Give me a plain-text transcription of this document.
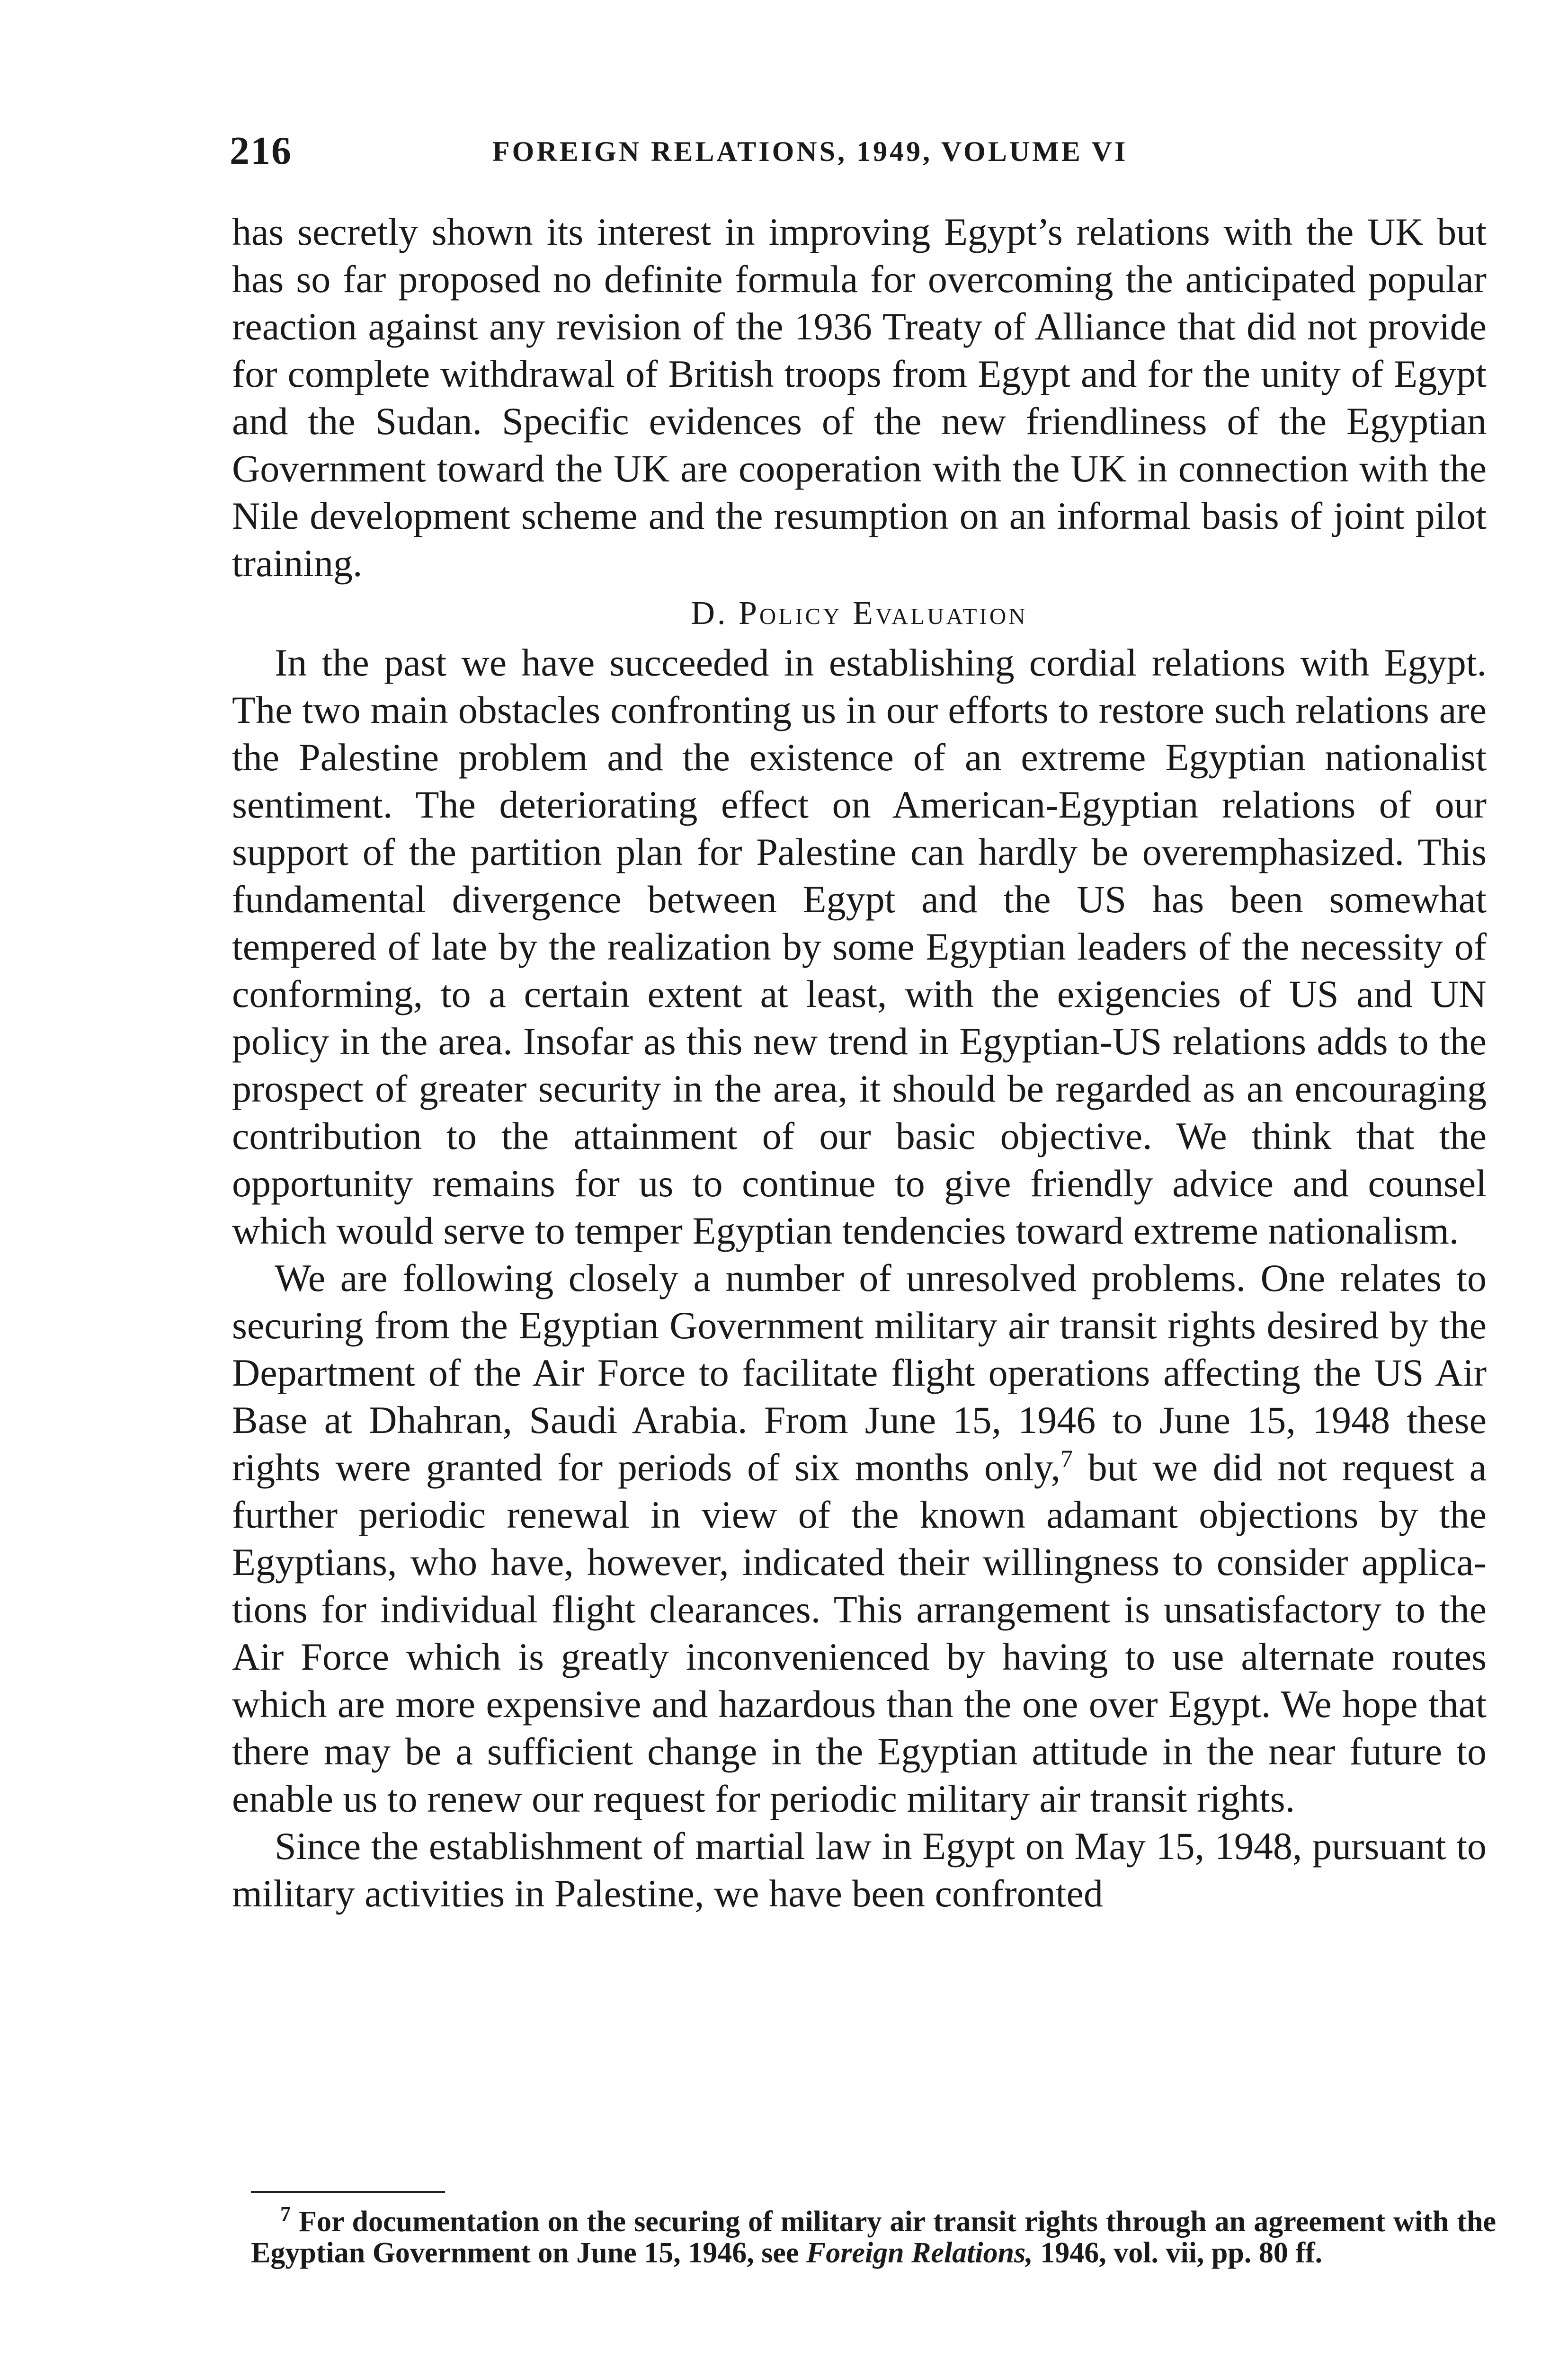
216	FOREIGN RELATIONS, 1949, VOLUME VI

has secretly shown its interest in improving Egypt’s relations with the UK but has so far proposed no definite formula for overcoming the anticipated popular reaction against any revision of the 1936 Treaty of Alliance that did not provide for complete withdrawal of British troops from Egypt and for the unity of Egypt and the Sudan. Specific evidences of the new friendliness of the Egyptian Government toward the UK are cooperation with the UK in connection with the Nile development scheme and the resumption on an informal basis of joint pilot training.

D. Policy Evaluation

In the past we have succeeded in establishing cordial relations with Egypt. The two main obstacles confronting us in our efforts to restore such relations are the Palestine problem and the existence of an extreme Egyptian nationalist sentiment. The deteriorating effect on American-Egyptian relations of our support of the partition plan for Palestine can hardly be overemphasized. This fundamental divergence between Egypt and the US has been somewhat tempered of late by the realization by some Egyptian leaders of the necessity of conforming, to a certain extent at least, with the exigencies of US and UN policy in the area. Insofar as this new trend in Egyptian-US relations adds to the prospect of greater security in the area, it should be regarded as an encouraging contribution to the attainment of our basic objective. We think that the opportunity remains for us to continue to give friendly advice and counsel which would serve to temper Egyptian tendencies toward extreme nationalism.

We are following closely a number of unresolved problems. One relates to securing from the Egyptian Government military air transit rights desired by the Department of the Air Force to facilitate flight operations affecting the US Air Base at Dhahran, Saudi Arabia. From June 15, 1946 to June 15, 1948 these rights were granted for periods of six months only,$^7$ but we did not request a further periodic renewal in view of the known adamant objections by the Egyptians, who have, however, indicated their willingness to consider applications for individual flight clearances. This arrangement is unsatisfactory to the Air Force which is greatly inconvenienced by having to use alternate routes which are more expensive and hazardous than the one over Egypt. We hope that there may be a sufficient change in the Egyptian attitude in the near future to enable us to renew our request for periodic military air transit rights.

Since the establishment of martial law in Egypt on May 15, 1948, pursuant to military activities in Palestine, we have been confronted

$^7$ For documentation on the securing of military air transit rights through an agreement with the Egyptian Government on June 15, 1946, see Foreign Relations, 1946, vol. vii, pp. 80 ff.
